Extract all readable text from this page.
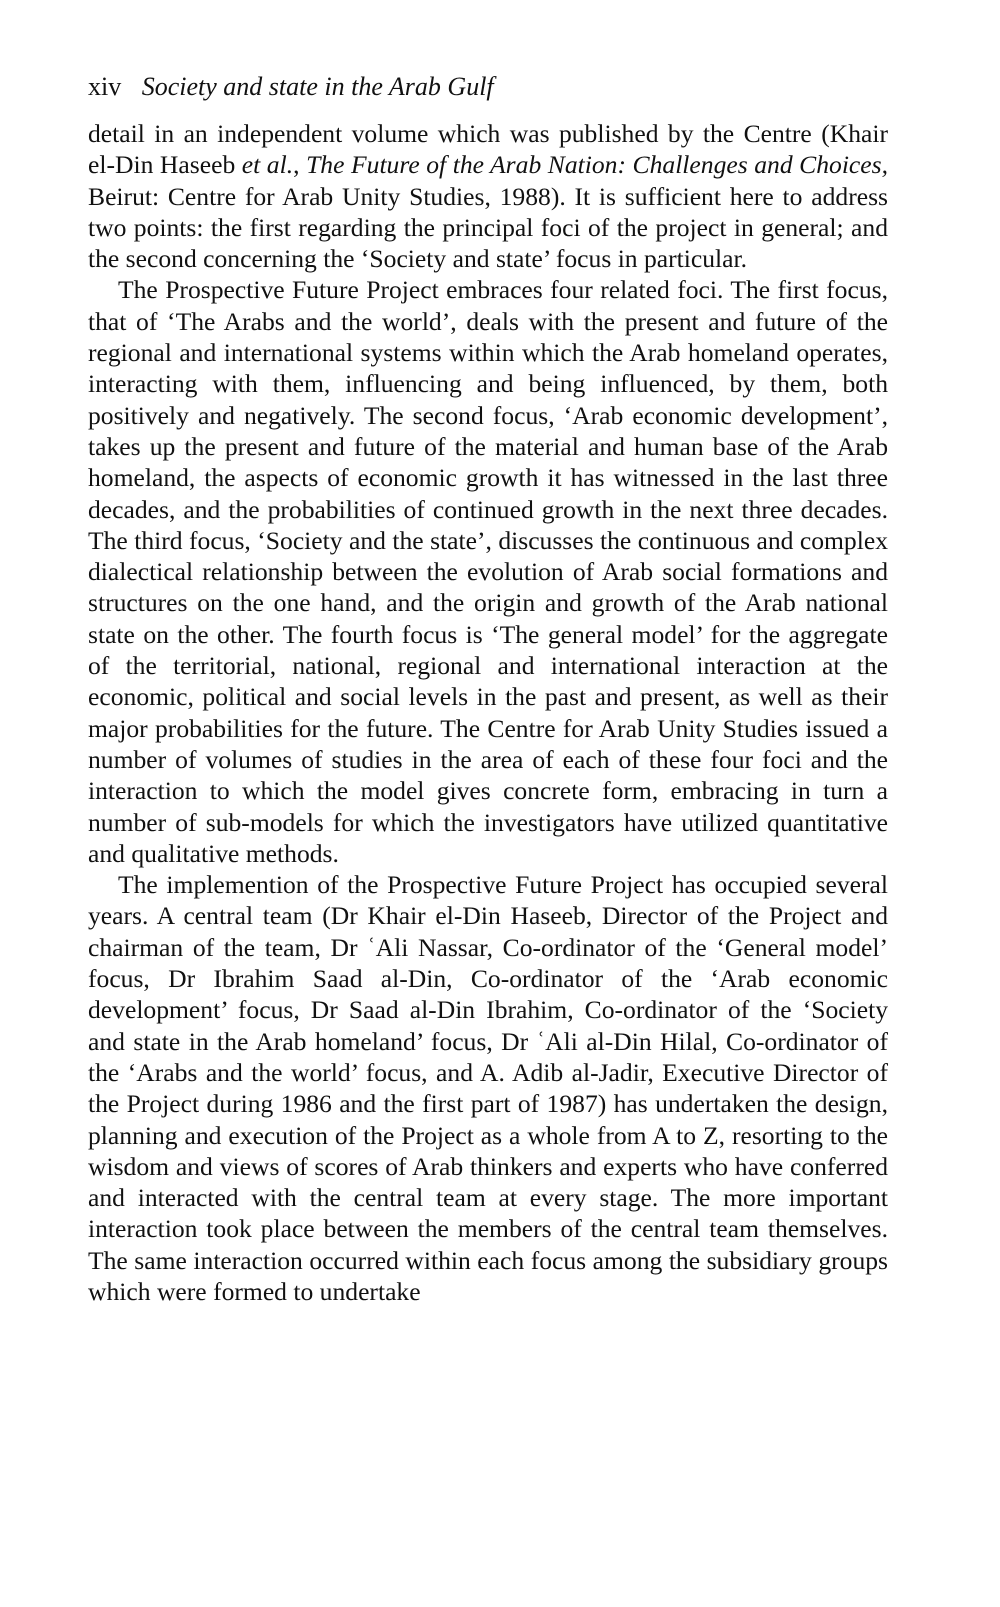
xiv Society and state in the Arab Gulf

detail in an independent volume which was published by the Centre (Khair el-Din Haseeb et al., The Future of the Arab Nation: Challenges and Choices, Beirut: Centre for Arab Unity Studies, 1988). It is sufficient here to address two points: the first regarding the principal foci of the project in general; and the second concerning the ‘Society and state’ focus in particular.

The Prospective Future Project embraces four related foci. The first focus, that of ‘The Arabs and the world’, deals with the present and future of the regional and international systems within which the Arab homeland operates, interacting with them, influencing and being influenced, by them, both positively and negatively. The second focus, ‘Arab economic development’, takes up the present and future of the material and human base of the Arab homeland, the aspects of economic growth it has witnessed in the last three decades, and the probabilities of continued growth in the next three decades. The third focus, ‘Society and the state’, discusses the continuous and complex dialectical relationship between the evolution of Arab social formations and structures on the one hand, and the origin and growth of the Arab national state on the other. The fourth focus is ‘The general model’ for the aggregate of the territorial, national, regional and international interaction at the economic, political and social levels in the past and present, as well as their major probabilities for the future. The Centre for Arab Unity Studies issued a number of volumes of studies in the area of each of these four foci and the interaction to which the model gives concrete form, embracing in turn a number of sub-models for which the investigators have utilized quantitative and qualitative methods.

The implemention of the Prospective Future Project has occupied several years. A central team (Dr Khair el-Din Haseeb, Director of the Project and chairman of the team, Dr ʿAli Nassar, Co-ordinator of the ‘General model’ focus, Dr Ibrahim Saad al-Din, Co-ordinator of the ‘Arab economic development’ focus, Dr Saad al-Din Ibrahim, Co-ordinator of the ‘Society and state in the Arab homeland’ focus, Dr ʿAli al-Din Hilal, Co-ordinator of the ‘Arabs and the world’ focus, and A. Adib al-Jadir, Executive Director of the Project during 1986 and the first part of 1987) has undertaken the design, planning and execution of the Project as a whole from A to Z, resorting to the wisdom and views of scores of Arab thinkers and experts who have conferred and interacted with the central team at every stage. The more important interaction took place between the members of the central team themselves. The same interaction occurred within each focus among the subsidiary groups which were formed to undertake
